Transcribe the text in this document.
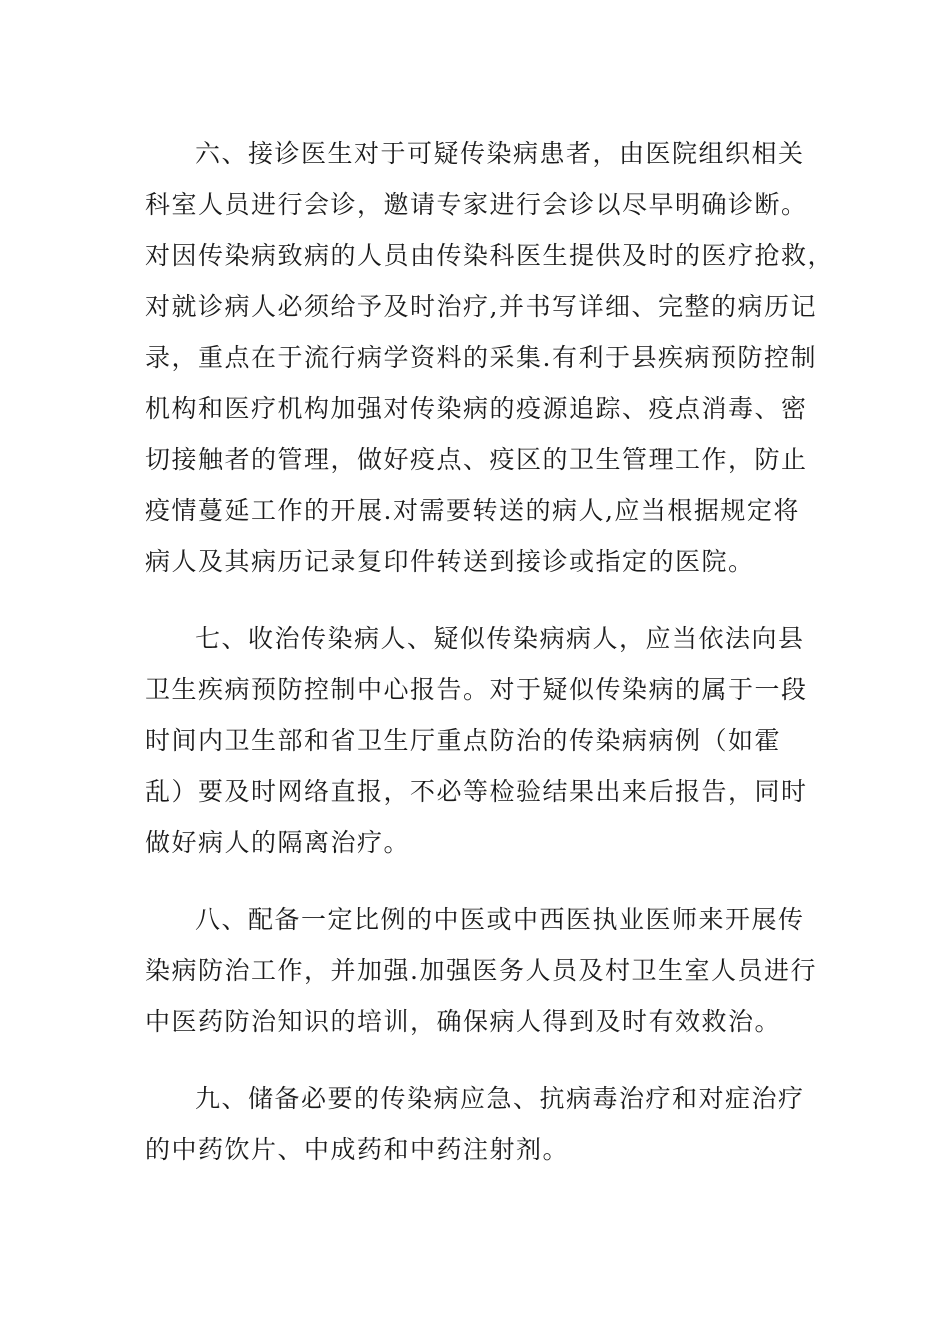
六、接诊医生对于可疑传染病患者，由医院组织相关
科室人员进行会诊，邀请专家进行会诊以尽早明确诊断。
对因传染病致病的人员由传染科医生提供及时的医疗抢救，
对就诊病人必须给予及时治疗,并书写详细、完整的病历记
录，重点在于流行病学资料的采集.有利于县疾病预防控制
机构和医疗机构加强对传染病的疫源追踪、疫点消毒、密
切接触者的管理，做好疫点、疫区的卫生管理工作，防止
疫情蔓延工作的开展.对需要转送的病人,应当根据规定将
病人及其病历记录复印件转送到接诊或指定的医院。
七、收治传染病人、疑似传染病病人，应当依法向县
卫生疾病预防控制中心报告。对于疑似传染病的属于一段
时间内卫生部和省卫生厅重点防治的传染病病例（如霍
乱）要及时网络直报，不必等检验结果出来后报告，同时
做好病人的隔离治疗。
八、配备一定比例的中医或中西医执业医师来开展传
染病防治工作，并加强.加强医务人员及村卫生室人员进行
中医药防治知识的培训，确保病人得到及时有效救治。
九、储备必要的传染病应急、抗病毒治疗和对症治疗
的中药饮片、中成药和中药注射剂。
